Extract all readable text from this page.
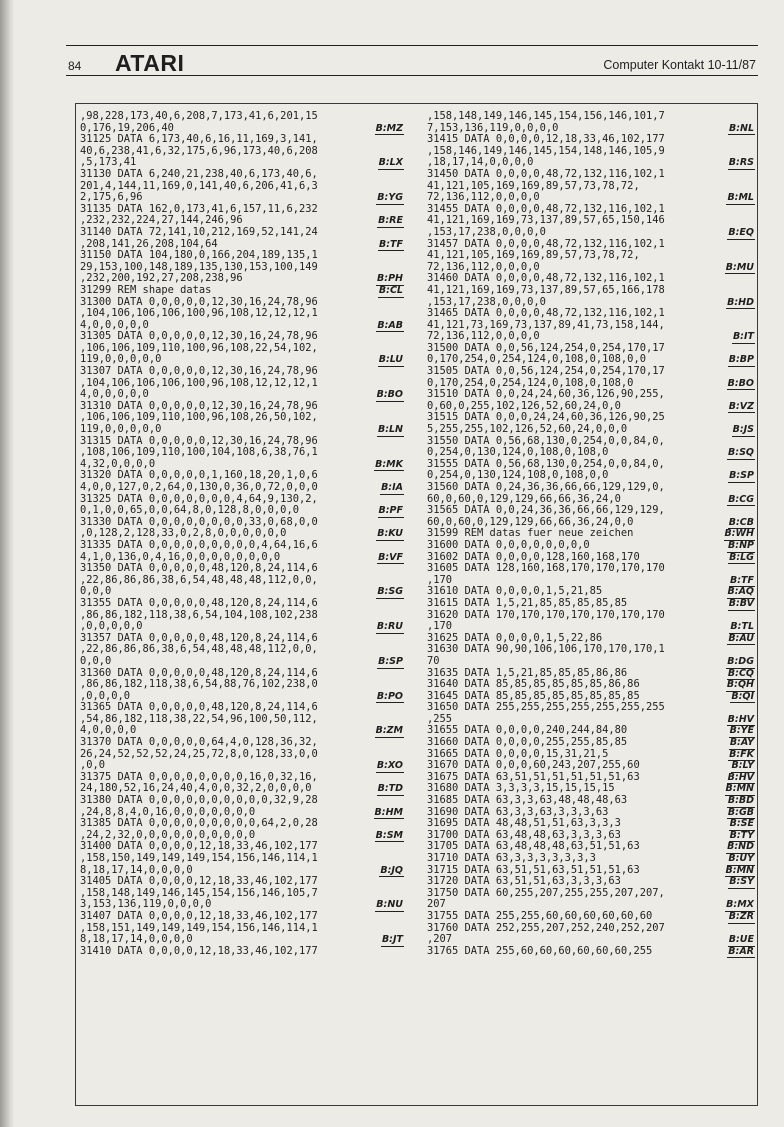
84 ATARI	Computer Kontakt 10-11/87
,98,228,173,40,6,208,7,173,41,6,201,15
0,176,19,206,40	B:MZ
31125 DATA 6,173,40,6,16,11,169,3,141,
40,6,238,41,6,32,175,6,96,173,40,6,208
,5,173,41	B:LX
31130 DATA 6,240,21,238,40,6,173,40,6,
201,4,144,11,169,0,141,40,6,206,41,6,3
2,175,6,96	B:YG
31135 DATA 162,0,173,41,6,157,11,6,232
,232,232,224,27,144,246,96	B:RE
31140 DATA 72,141,10,212,169,52,141,24
,208,141,26,208,104,64	B:TF
31150 DATA 104,180,0,166,204,189,135,1
29,153,100,148,189,135,130,153,100,149
,232,200,192,27,208,238,96	B:PH
31299 REM shape datas	B:CL
31300 DATA 0,0,0,0,0,12,30,16,24,78,96
,104,106,106,106,100,96,108,12,12,12,1
4,0,0,0,0,0	B:AB
31305 DATA 0,0,0,0,0,12,30,16,24,78,96
,106,106,109,110,100,96,108,22,54,102,
119,0,0,0,0,0	B:LU
31307 DATA 0,0,0,0,0,12,30,16,24,78,96
,104,106,106,106,100,96,108,12,12,12,1
4,0,0,0,0,0	B:BO
31310 DATA 0,0,0,0,0,12,30,16,24,78,96
,106,106,109,110,100,96,108,26,50,102,
119,0,0,0,0,0	B:LN
31315 DATA 0,0,0,0,0,12,30,16,24,78,96
,108,106,109,110,100,104,108,6,38,76,1
4,32,0,0,0,0	B:MK
31320 DATA 0,0,0,0,0,1,160,18,20,1,0,6
4,0,0,127,0,2,64,0,130,0,36,0,72,0,0,0	B:IA
31325 DATA 0,0,0,0,0,0,0,4,64,9,130,2,
0,1,0,0,65,0,0,64,8,0,128,8,0,0,0,0	B:PF
31330 DATA 0,0,0,0,0,0,0,0,33,0,68,0,0
,0,128,2,128,33,0,2,8,0,0,0,0,0,0	B:KU
31335 DATA 0,0,0,0,0,0,0,0,0,4,64,16,6
4,1,0,136,0,4,16,0,0,0,0,0,0,0,0	B:VF
31350 DATA 0,0,0,0,0,48,120,8,24,114,6
,22,86,86,86,38,6,54,48,48,48,112,0,0,
0,0,0	B:SG
31355 DATA 0,0,0,0,0,48,120,8,24,114,6
,86,86,182,118,38,6,54,104,108,102,238
,0,0,0,0,0	B:RU
31357 DATA 0,0,0,0,0,48,120,8,24,114,6
,22,86,86,86,38,6,54,48,48,48,112,0,0,
0,0,0	B:SP
31360 DATA 0,0,0,0,0,48,120,8,24,114,6
,86,86,182,118,38,6,54,88,76,102,238,0
,0,0,0,0	B:PO
31365 DATA 0,0,0,0,0,48,120,8,24,114,6
,54,86,182,118,38,22,54,96,100,50,112,
4,0,0,0,0	B:ZM
31370 DATA 0,0,0,0,0,64,4,0,128,36,32,
26,24,52,52,52,24,25,72,8,0,128,33,0,0
,0,0	B:XO
31375 DATA 0,0,0,0,0,0,0,0,16,0,32,16,
24,180,52,16,24,40,4,0,0,32,2,0,0,0,0	B:TD
31380 DATA 0,0,0,0,0,0,0,0,0,0,32,9,28
,24,8,8,4,0,16,0,0,0,0,0,0,0	B:HM
31385 DATA 0,0,0,0,0,0,0,0,0,64,2,0,28
,24,2,32,0,0,0,0,0,0,0,0,0,0	B:SM
31400 DATA 0,0,0,0,12,18,33,46,102,177
,158,150,149,149,149,154,156,146,114,1
8,18,17,14,0,0,0,0	B:JQ
31405 DATA 0,0,0,0,12,18,33,46,102,177
,158,148,149,146,145,154,156,146,105,7
3,153,136,119,0,0,0,0	B:NU
31407 DATA 0,0,0,0,12,18,33,46,102,177
,158,151,149,149,149,154,156,146,114,1
8,18,17,14,0,0,0,0	B:JT
31410 DATA 0,0,0,0,12,18,33,46,102,177
,158,148,149,146,145,154,156,146,101,7
7,153,136,119,0,0,0,0	B:NL
31415 DATA 0,0,0,0,12,18,33,46,102,177
,158,146,149,146,145,154,148,146,105,9
,18,17,14,0,0,0,0	B:RS
31450 DATA 0,0,0,0,48,72,132,116,102,1
41,121,105,169,169,89,57,73,78,72,
72,136,112,0,0,0,0	B:ML
31455 DATA 0,0,0,0,48,72,132,116,102,1
41,121,169,169,73,137,89,57,65,150,146
,153,17,238,0,0,0,0	B:EQ
31457 DATA 0,0,0,0,48,72,132,116,102,1
41,121,105,169,169,89,57,73,78,72,
72,136,112,0,0,0,0	B:MU
31460 DATA 0,0,0,0,48,72,132,116,102,1
41,121,169,169,73,137,89,57,65,166,178
,153,17,238,0,0,0,0	B:HD
31465 DATA 0,0,0,0,48,72,132,116,102,1
41,121,73,169,73,137,89,41,73,158,144,
72,136,112,0,0,0,0	B:IT
31500 DATA 0,0,56,124,254,0,254,170,17
0,170,254,0,254,124,0,108,0,108,0,0	B:BP
31505 DATA 0,0,56,124,254,0,254,170,17
0,170,254,0,254,124,0,108,0,108,0	B:BO
31510 DATA 0,0,24,24,60,36,126,90,255,
0,60,0,255,102,126,52,60,24,0,0	B:VZ
31515 DATA 0,0,0,24,24,60,36,126,90,25
5,255,255,102,126,52,60,24,0,0,0	B:JS
31550 DATA 0,56,68,130,0,254,0,0,84,0,
0,254,0,130,124,0,108,0,108,0	B:SQ
31555 DATA 0,56,68,130,0,254,0,0,84,0,
0,254,0,130,124,108,0,108,0,0	B:SP
31560 DATA 0,24,36,36,66,66,129,129,0,
60,0,60,0,129,129,66,66,36,24,0	B:CG
31565 DATA 0,0,24,36,36,66,66,129,129,
60,0,60,0,129,129,66,66,36,24,0,0	B:CB
31599 REM datas fuer neue zeichen	B:WH
31600 DATA 0,0,0,0,0,0,0,0	B:NP
31602 DATA 0,0,0,0,128,160,168,170	B:LG
31605 DATA 128,160,168,170,170,170,170
,170	B:TF
31610 DATA 0,0,0,0,1,5,21,85	B:AQ
31615 DATA 1,5,21,85,85,85,85,85	B:BV
31620 DATA 170,170,170,170,170,170,170
,170	B:TL
31625 DATA 0,0,0,0,1,5,22,86	B:AU
31630 DATA 90,90,106,106,170,170,170,1
70	B:DG
31635 DATA 1,5,21,85,85,85,86,86	B:CQ
31640 DATA 85,85,85,85,85,85,86,86	B:QH
31645 DATA 85,85,85,85,85,85,85,85	B:QI
31650 DATA 255,255,255,255,255,255,255
,255	B:HV
31655 DATA 0,0,0,0,240,244,84,80	B:YE
31660 DATA 0,0,0,0,255,255,85,85	B:AY
31665 DATA 0,0,0,0,15,31,21,5	B:FK
31670 DATA 0,0,0,60,243,207,255,60	B:LY
31675 DATA 63,51,51,51,51,51,51,63	B:HV
31680 DATA 3,3,3,3,15,15,15,15	B:MN
31685 DATA 63,3,3,63,48,48,48,63	B:BD
31690 DATA 63,3,3,63,3,3,3,63	B:GB
31695 DATA 48,48,51,51,63,3,3,3	B:SE
31700 DATA 63,48,48,63,3,3,3,63	B:TY
31705 DATA 63,48,48,48,63,51,51,63	B:ND
31710 DATA 63,3,3,3,3,3,3,3	B:UY
31715 DATA 63,51,51,63,51,51,51,63	B:MN
31720 DATA 63,51,51,63,3,3,3,63	B:SY
31750 DATA 60,255,207,255,255,207,207,
207	B:MX
31755 DATA 255,255,60,60,60,60,60,60	B:ZR
31760 DATA 252,255,207,252,240,252,207
,207	B:UE
31765 DATA 255,60,60,60,60,60,60,255	B:AR
